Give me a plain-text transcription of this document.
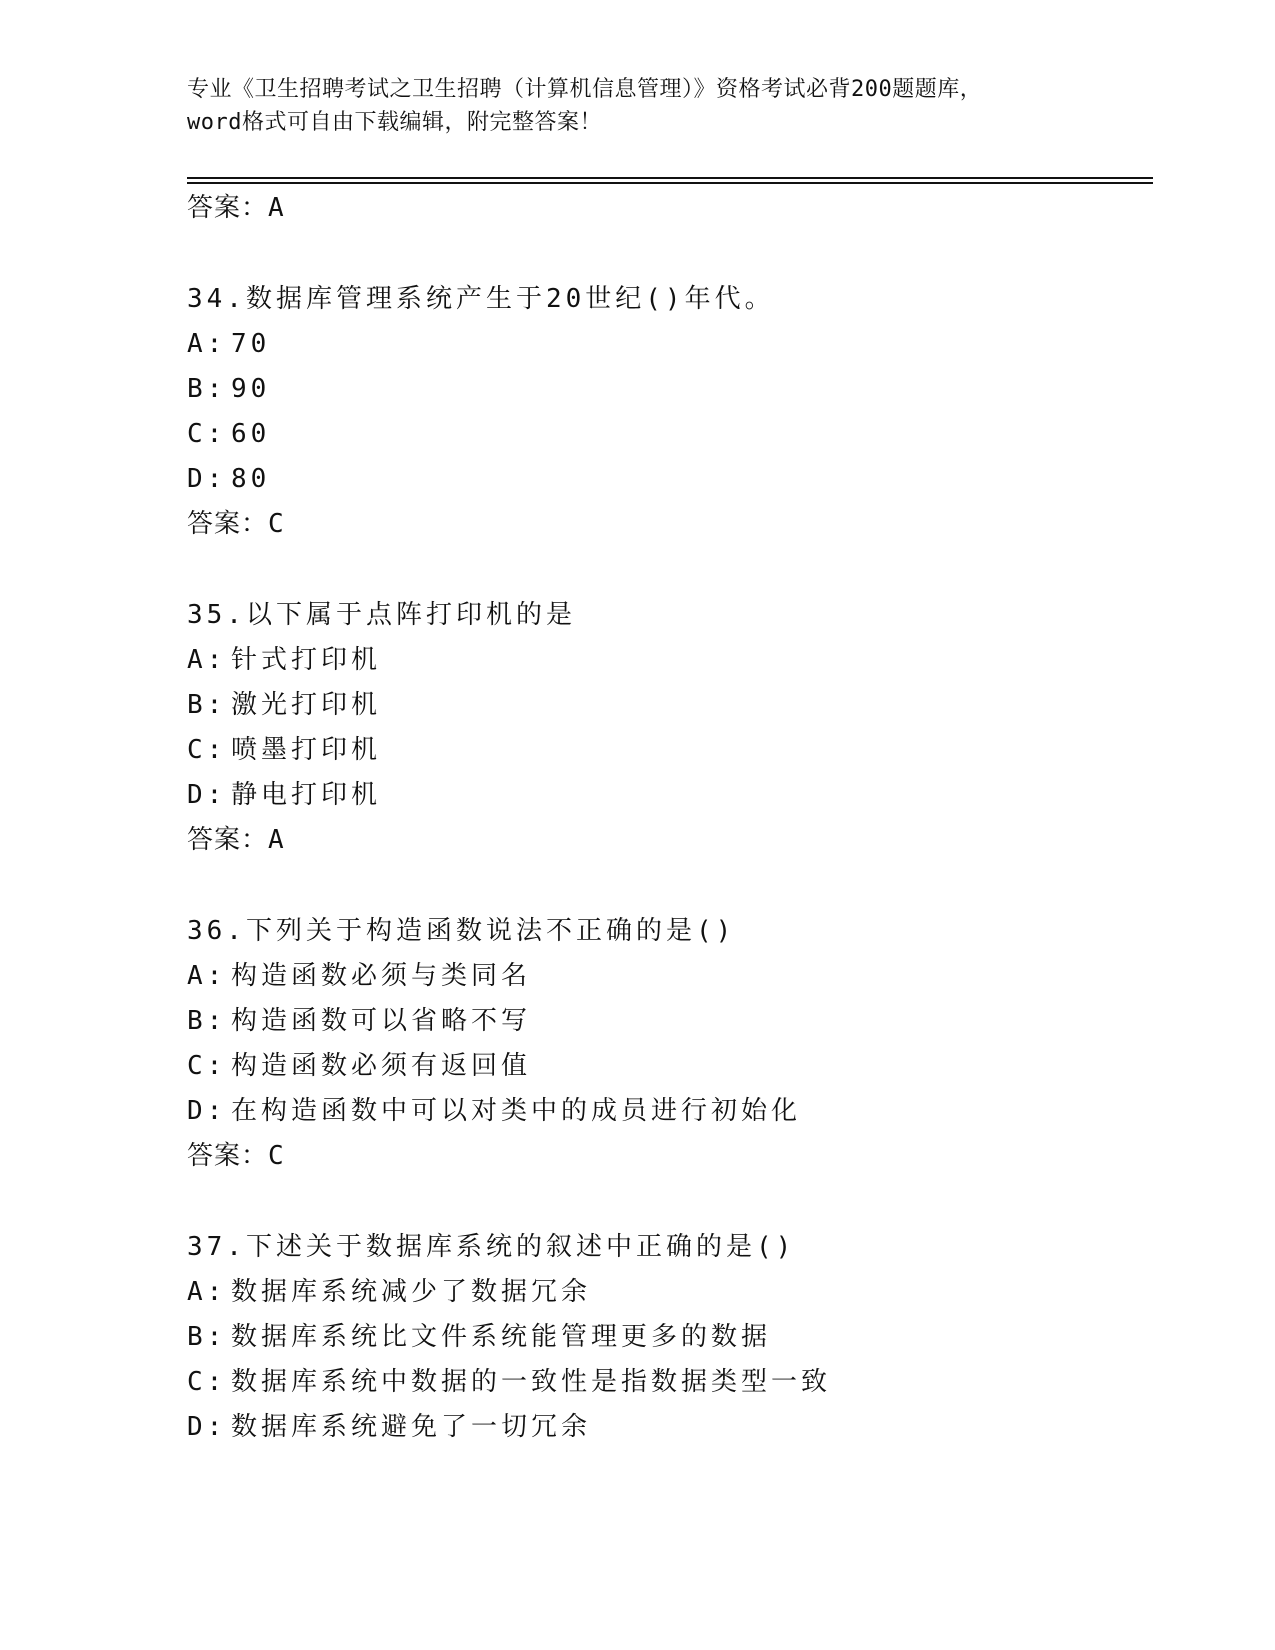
专业《卫生招聘考试之卫生招聘（计算机信息管理）》资格考试必背200题题库，
word格式可自由下载编辑，附完整答案！
答案：A
34.数据库管理系统产生于20世纪()年代。
A: 70
B: 90
C: 60
D: 80
答案：C
35.以下属于点阵打印机的是
A: 针式打印机
B: 激光打印机
C: 喷墨打印机
D: 静电打印机
答案：A
36.下列关于构造函数说法不正确的是()
A: 构造函数必须与类同名
B: 构造函数可以省略不写
C: 构造函数必须有返回值
D: 在构造函数中可以对类中的成员进行初始化
答案：C
37.下述关于数据库系统的叙述中正确的是()
A: 数据库系统减少了数据冗余
B: 数据库系统比文件系统能管理更多的数据
C: 数据库系统中数据的一致性是指数据类型一致
D: 数据库系统避免了一切冗余
